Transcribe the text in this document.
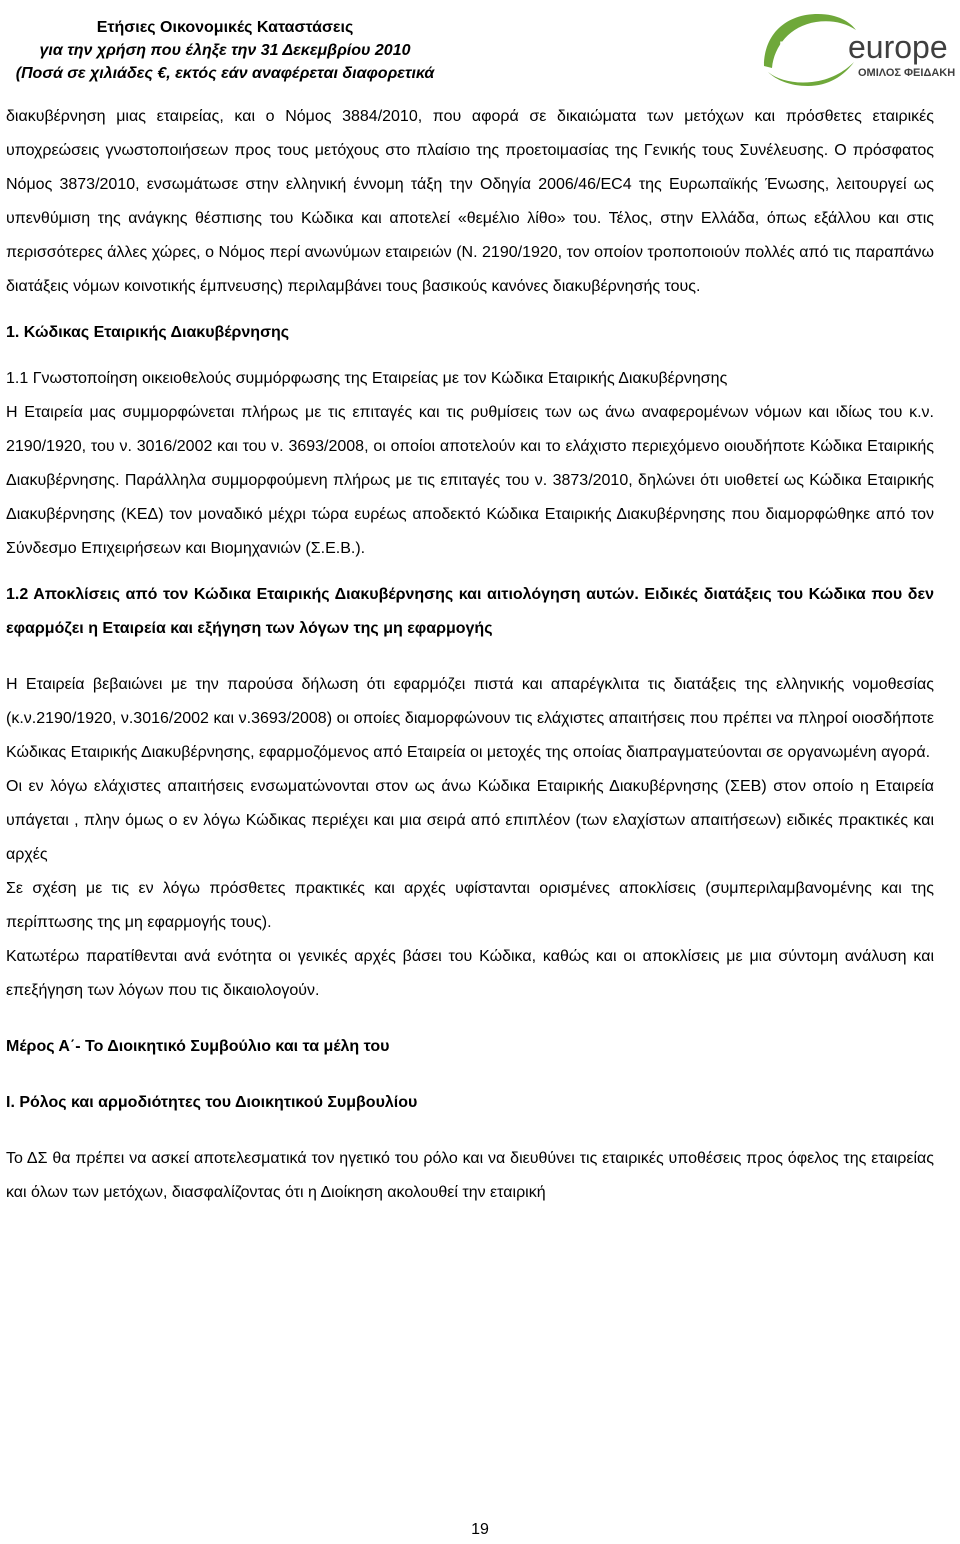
Ετήσιες Οικονομικές Καταστάσεις
για την χρήση που έληξε την 31 Δεκεμβρίου 2010
(Ποσά σε χιλιάδες €, εκτός εάν αναφέρεται διαφορετικά
FG europe
ΟΜΙΛΟΣ ΦΕΙΔΑΚΗ

διακυβέρνηση μιας εταιρείας, και ο Νόμος 3884/2010, που αφορά σε δικαιώματα των μετόχων και πρόσθετες εταιρικές υποχρεώσεις γνωστοποιήσεων προς τους μετόχους στο πλαίσιο της προετοιμασίας της Γενικής τους Συνέλευσης. Ο πρόσφατος Νόμος 3873/2010, ενσωμάτωσε στην ελληνική έννομη τάξη την Οδηγία 2006/46/ΕC4 της Ευρωπαϊκής Ένωσης, λειτουργεί ως υπενθύμιση της ανάγκης θέσπισης του Κώδικα και αποτελεί «θεμέλιο λίθο» του. Τέλος, στην Ελλάδα, όπως εξάλλου και στις περισσότερες άλλες χώρες, ο Νόμος περί ανωνύμων εταιρειών (Ν. 2190/1920, τον οποίον τροποποιούν πολλές από τις παραπάνω διατάξεις νόμων κοινοτικής έμπνευσης) περιλαμβάνει τους βασικούς κανόνες διακυβέρνησής τους.

1. Κώδικας Εταιρικής Διακυβέρνησης

1.1 Γνωστοποίηση οικειοθελούς συμμόρφωσης της Εταιρείας με τον Κώδικα Εταιρικής Διακυβέρνησης

Η Εταιρεία μας συμμορφώνεται πλήρως με τις επιταγές και τις ρυθμίσεις των ως άνω αναφερομένων νόμων και ιδίως του κ.ν. 2190/1920, του ν. 3016/2002 και του ν. 3693/2008, οι οποίοι αποτελούν και το ελάχιστο περιεχόμενο οιουδήποτε Κώδικα Εταιρικής Διακυβέρνησης. Παράλληλα συμμορφούμενη πλήρως με τις επιταγές του ν. 3873/2010, δηλώνει ότι υιοθετεί ως Κώδικα Εταιρικής Διακυβέρνησης (ΚΕΔ) τον μοναδικό μέχρι τώρα ευρέως αποδεκτό Κώδικα Εταιρικής Διακυβέρνησης που διαμορφώθηκε από τον Σύνδεσμο Επιχειρήσεων και Βιομηχανιών (Σ.Ε.Β.).

1.2 Αποκλίσεις από τον Κώδικα Εταιρικής Διακυβέρνησης και αιτιολόγηση αυτών. Ειδικές διατάξεις του Κώδικα που δεν εφαρμόζει η Εταιρεία και εξήγηση των λόγων της μη εφαρμογής

Η Εταιρεία βεβαιώνει με την παρούσα δήλωση ότι εφαρμόζει πιστά και απαρέγκλιτα τις διατάξεις της ελληνικής νομοθεσίας (κ.ν.2190/1920, ν.3016/2002 και ν.3693/2008) οι οποίες διαμορφώνουν τις ελάχιστες απαιτήσεις που πρέπει να πληροί οιοσδήποτε Κώδικας Εταιρικής Διακυβέρνησης, εφαρμοζόμενος από Εταιρεία οι μετοχές της οποίας διαπραγματεύονται σε οργανωμένη αγορά.

Οι εν λόγω ελάχιστες απαιτήσεις ενσωματώνονται στον ως άνω Κώδικα Εταιρικής Διακυβέρνησης (ΣΕΒ) στον οποίο η Εταιρεία υπάγεται , πλην όμως ο εν λόγω Κώδικας περιέχει και μια σειρά από επιπλέον (των ελαχίστων απαιτήσεων) ειδικές πρακτικές και αρχές

Σε σχέση με τις εν λόγω πρόσθετες πρακτικές και αρχές υφίστανται ορισμένες αποκλίσεις (συμπεριλαμβανομένης και της περίπτωσης της μη εφαρμογής τους).

Κατωτέρω παρατίθενται ανά ενότητα οι γενικές αρχές βάσει του Κώδικα, καθώς και οι αποκλίσεις με μια σύντομη ανάλυση και επεξήγηση των λόγων που τις δικαιολογούν.

Μέρος Α΄- Το Διοικητικό Συμβούλιο και τα μέλη του

Ι. Ρόλος και αρμοδιότητες του Διοικητικού Συμβουλίου

Το ΔΣ θα πρέπει να ασκεί αποτελεσματικά τον ηγετικό του ρόλο και να διευθύνει τις εταιρικές υποθέσεις προς όφελος της εταιρείας και όλων των μετόχων, διασφαλίζοντας ότι η Διοίκηση ακολουθεί την εταιρική

19
